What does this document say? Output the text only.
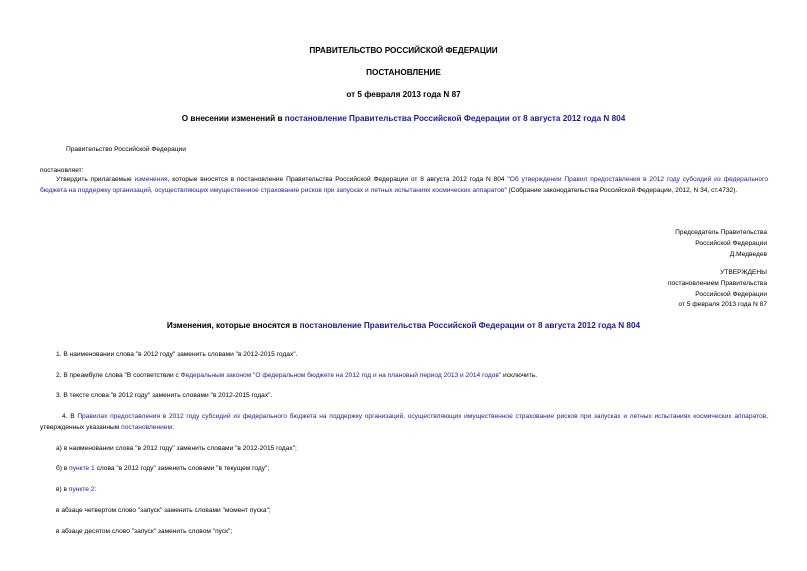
ПРАВИТЕЛЬСТВО РОССИЙСКОЙ ФЕДЕРАЦИИ
ПОСТАНОВЛЕНИЕ
от 5 февраля 2013 года N 87
О внесении изменений в постановление Правительства Российской Федерации от 8 августа 2012 года N 804
Правительство Российской Федерации
постановляет:
Утвердить прилагаемые изменения, которые вносятся в постановление Правительства Российской Федерации от 8 августа 2012 года N 804 "Об утверждении Правил предоставления в 2012 году субсидий из федерального бюджета на поддержку организаций, осуществляющих имущественное страхование рисков при запусках и летных испытаниях космических аппаратов" (Собрание законодательства Российской Федерации, 2012, N 34, ст.4732).
Председатель Правительства
Российской Федерации
Д.Медведев
УТВЕРЖДЕНЫ
постановлением Правительства
Российской Федерации
от 5 февраля 2013 года N 87
Изменения, которые вносятся в постановление Правительства Российской Федерации от 8 августа 2012 года N 804
1. В наименовании слова "в 2012 году" заменить словами "в 2012-2015 годах".
2. В преамбуле слова "В соответствии с Федеральным законом "О федеральном бюджете на 2012 год и на плановый период 2013 и 2014 годов" исключить.
3. В тексте слова "в 2012 году" заменить словами "в 2012-2015 годах".
4. В Правилах предоставления в 2012 году субсидий из федерального бюджета на поддержку организаций, осуществляющих имущественное страхование рисков при запусках и летных испытаниях космических аппаратов, утвержденных указанным постановлением:
а) в наименовании слова "в 2012 году" заменить словами "в 2012-2015 годах";
б) в пункте 1 слова "в 2012 году" заменить словами "в текущем году";
в) в пункте 2:
в абзаце четвертом слово "запуск" заменить словами "момент пуска";
в абзаце десятом слово "запуск" заменить словом "пуск";
